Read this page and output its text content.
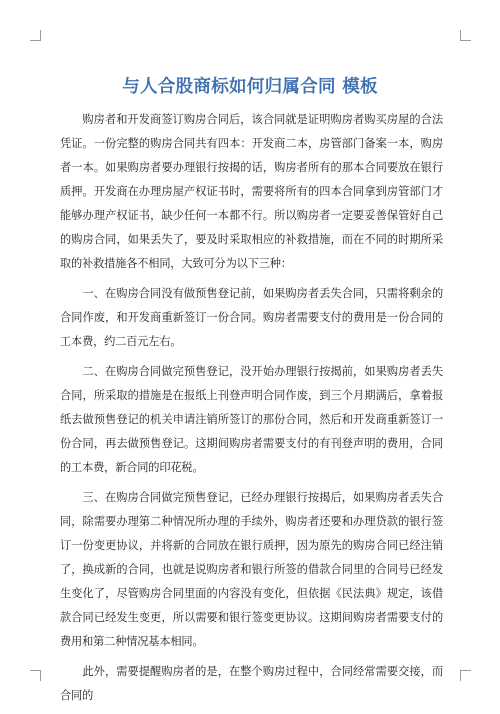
与人合股商标如何归属合同 模板

购房者和开发商签订购房合同后，该合同就是证明购房者购买房屋的合法凭证。一份完整的购房合同共有四本：开发商二本，房管部门备案一本，购房者一本。如果购房者要办理银行按揭的话，购房者所有的那本合同要放在银行质押。开发商在办理房屋产权证书时，需要将所有的四本合同拿到房管部门才能够办理产权证书，缺少任何一本都不行。所以购房者一定要妥善保管好自己的购房合同，如果丢失了，要及时采取相应的补救措施，而在不同的时期所采取的补救措施各不相同，大致可分为以下三种：

一、在购房合同没有做预售登记前，如果购房者丢失合同，只需将剩余的合同作废，和开发商重新签订一份合同。购房者需要支付的费用是一份合同的工本费，约二百元左右。

二、在购房合同做完预售登记，没开始办理银行按揭前，如果购房者丢失合同，所采取的措施是在报纸上刊登声明合同作废，到三个月期满后，拿着报纸去做预售登记的机关申请注销所签订的那份合同，然后和开发商重新签订一份合同，再去做预售登记。这期间购房者需要支付的有刊登声明的费用，合同的工本费，新合同的印花税。

三、在购房合同做完预售登记，已经办理银行按揭后，如果购房者丢失合同，除需要办理第二种情况所办理的手续外，购房者还要和办理贷款的银行签订一份变更协议，并将新的合同放在银行质押，因为原先的购房合同已经注销了，换成新的合同，也就是说购房者和银行所签的借款合同里的合同号已经发生变化了，尽管购房合同里面的内容没有变化，但依据《民法典》规定，该借款合同已经发生变更，所以需要和银行签变更协议。这期间购房者需要支付的费用和第二种情况基本相同。

此外，需要提醒购房者的是，在整个购房过程中，合同经常需要交接，而合同的
